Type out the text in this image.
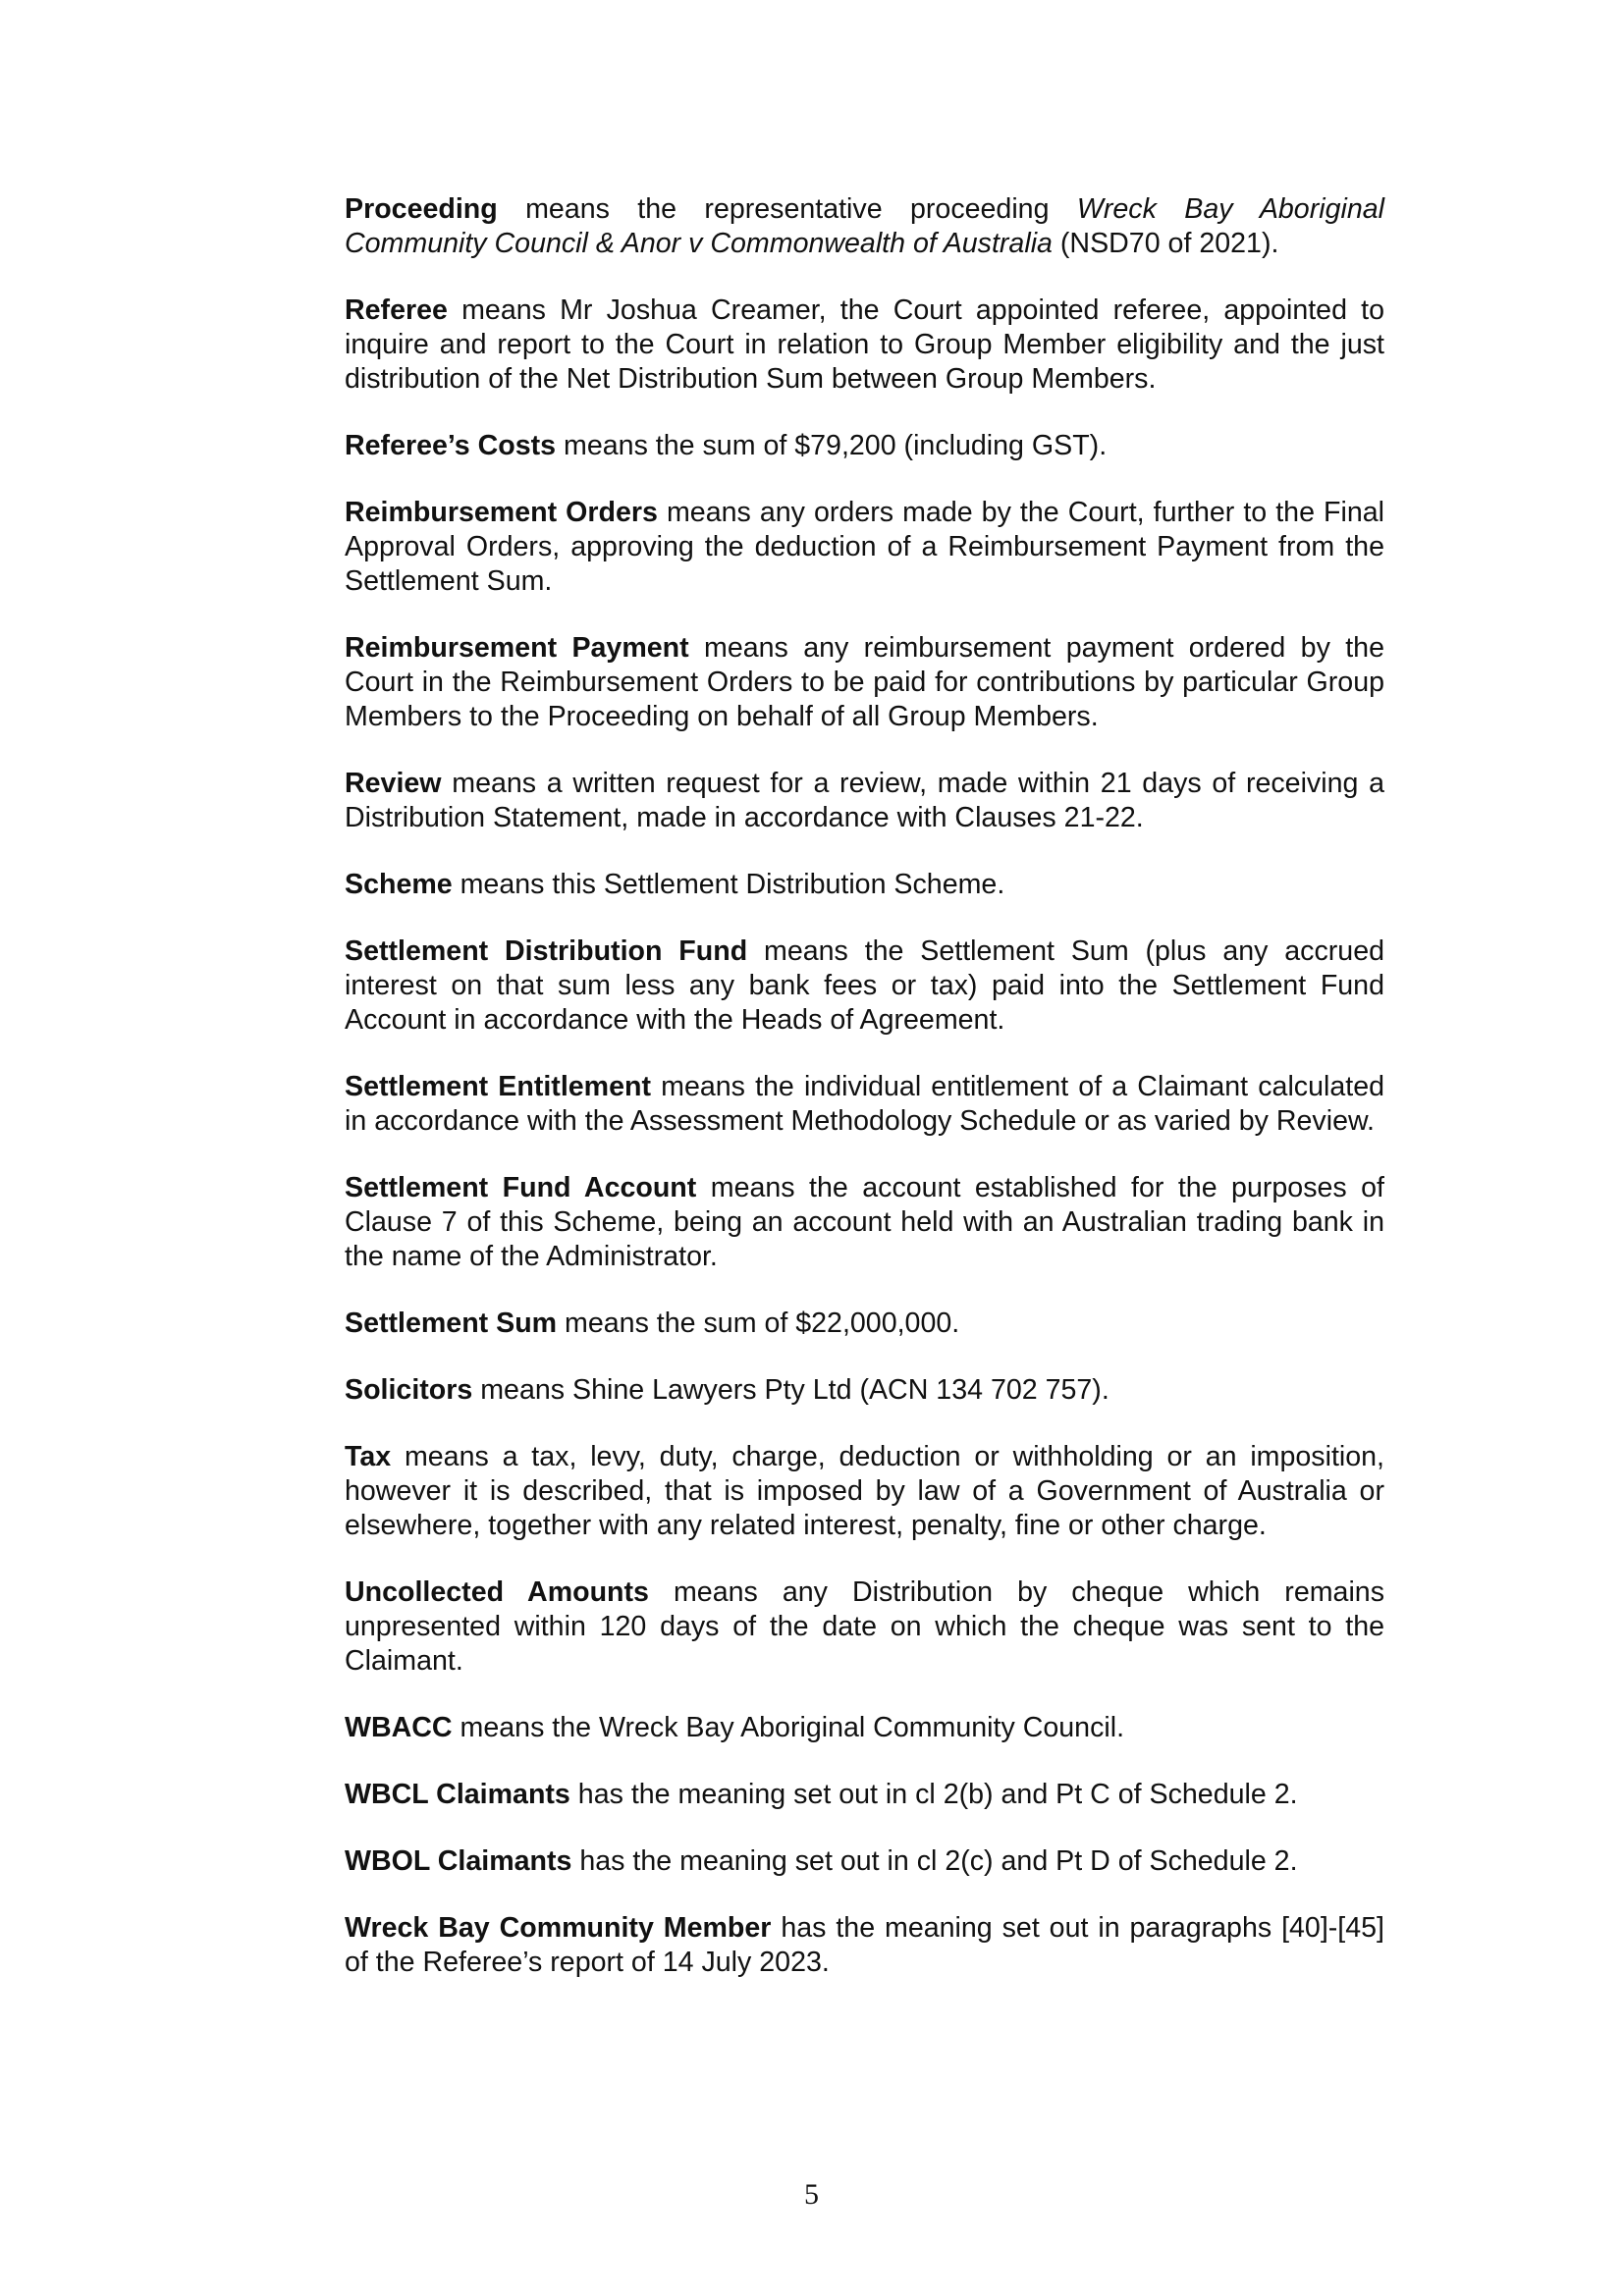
Proceeding means the representative proceeding Wreck Bay Aboriginal Community Council & Anor v Commonwealth of Australia (NSD70 of 2021).

Referee means Mr Joshua Creamer, the Court appointed referee, appointed to inquire and report to the Court in relation to Group Member eligibility and the just distribution of the Net Distribution Sum between Group Members.

Referee’s Costs means the sum of $79,200 (including GST).

Reimbursement Orders means any orders made by the Court, further to the Final Approval Orders, approving the deduction of a Reimbursement Payment from the Settlement Sum.

Reimbursement Payment means any reimbursement payment ordered by the Court in the Reimbursement Orders to be paid for contributions by particular Group Members to the Proceeding on behalf of all Group Members.

Review means a written request for a review, made within 21 days of receiving a Distribution Statement, made in accordance with Clauses 21-22.

Scheme means this Settlement Distribution Scheme.

Settlement Distribution Fund means the Settlement Sum (plus any accrued interest on that sum less any bank fees or tax) paid into the Settlement Fund Account in accordance with the Heads of Agreement.

Settlement Entitlement means the individual entitlement of a Claimant calculated in accordance with the Assessment Methodology Schedule or as varied by Review.

Settlement Fund Account means the account established for the purposes of Clause 7 of this Scheme, being an account held with an Australian trading bank in the name of the Administrator.

Settlement Sum means the sum of $22,000,000.

Solicitors means Shine Lawyers Pty Ltd (ACN 134 702 757).

Tax means a tax, levy, duty, charge, deduction or withholding or an imposition, however it is described, that is imposed by law of a Government of Australia or elsewhere, together with any related interest, penalty, fine or other charge.

Uncollected Amounts means any Distribution by cheque which remains unpresented within 120 days of the date on which the cheque was sent to the Claimant.

WBACC means the Wreck Bay Aboriginal Community Council.

WBCL Claimants has the meaning set out in cl 2(b) and Pt C of Schedule 2.

WBOL Claimants has the meaning set out in cl 2(c) and Pt D of Schedule 2.

Wreck Bay Community Member has the meaning set out in paragraphs [40]-[45] of the Referee’s report of 14 July 2023.

5
